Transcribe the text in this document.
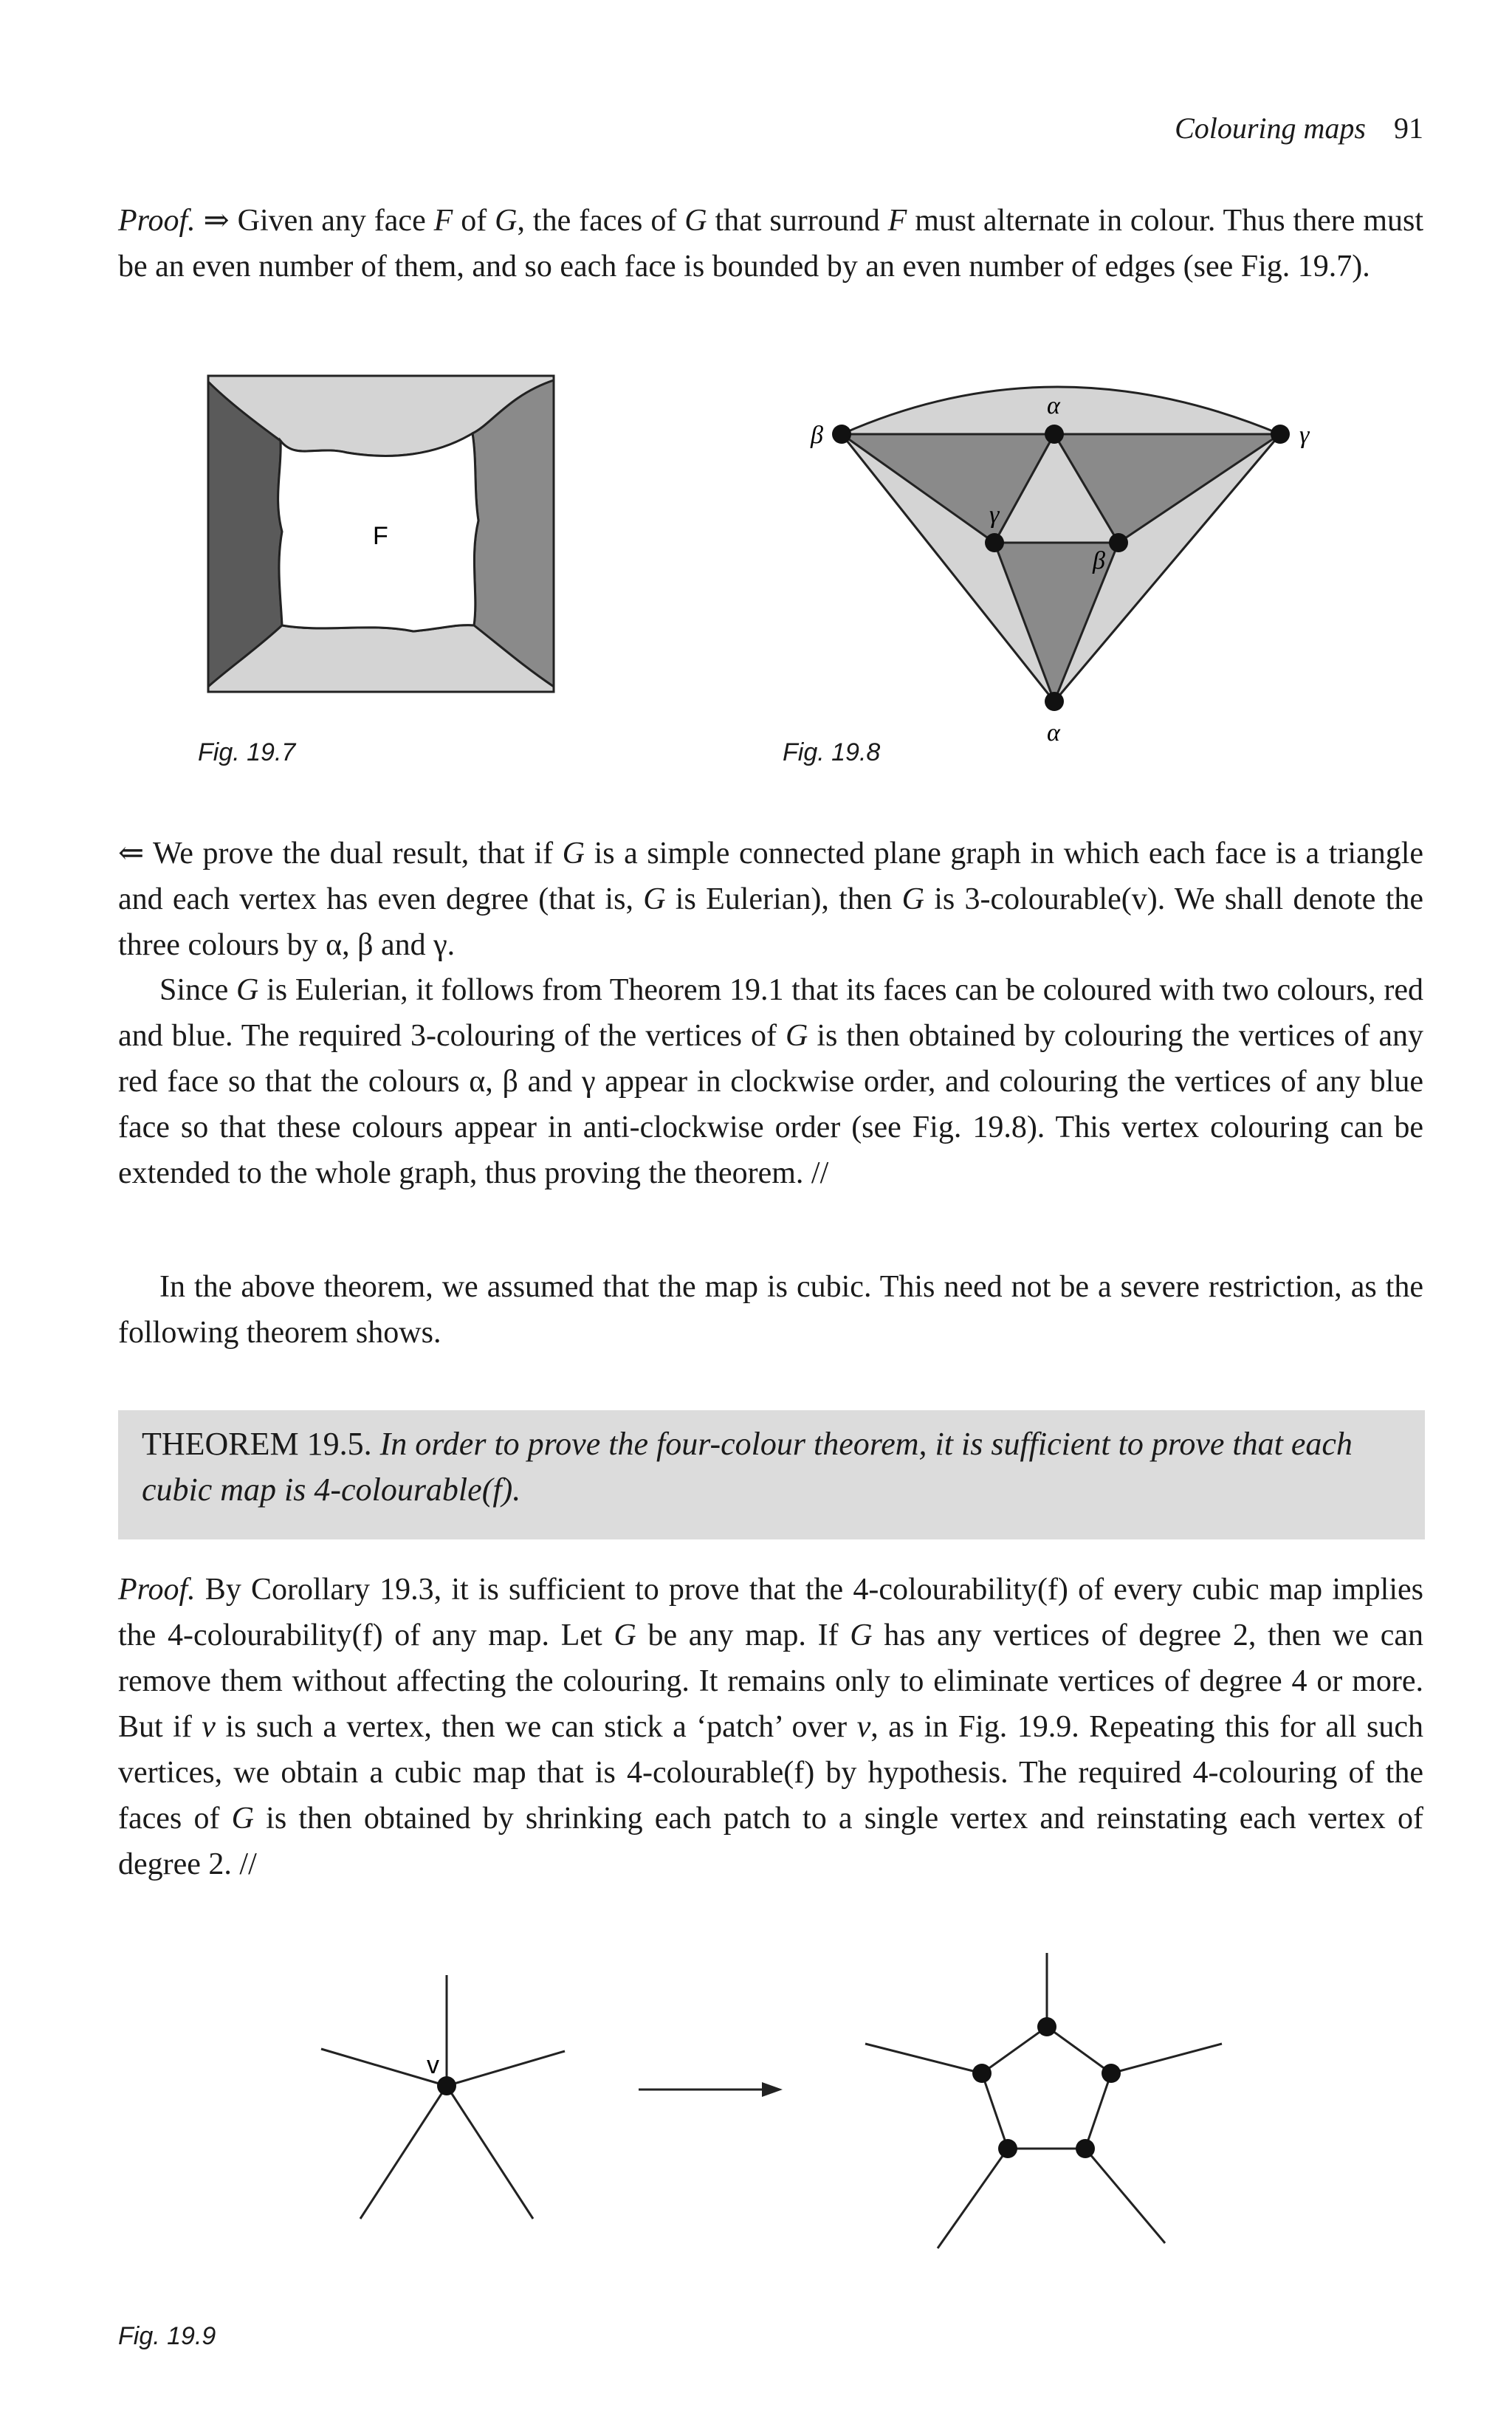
Colouring maps 91
Proof. ⇒ Given any face F of G, the faces of G that surround F must alternate in colour. Thus there must be an even number of them, and so each face is bounded by an even number of edges (see Fig. 19.7).
F
Fig. 19.7
α
β	γ
γ
β
α
Fig. 19.8
⇐ We prove the dual result, that if G is a simple connected plane graph in which each face is a triangle and each vertex has even degree (that is, G is Eulerian), then G is 3-colourable(v). We shall denote the three colours by α, β and γ.
Since G is Eulerian, it follows from Theorem 19.1 that its faces can be coloured with two colours, red and blue. The required 3-colouring of the vertices of G is then obtained by colouring the vertices of any red face so that the colours α, β and γ appear in clockwise order, and colouring the vertices of any blue face so that these colours appear in anti-clockwise order (see Fig. 19.8). This vertex colouring can be extended to the whole graph, thus proving the theorem. //
In the above theorem, we assumed that the map is cubic. This need not be a severe restriction, as the following theorem shows.
THEOREM 19.5. In order to prove the four-colour theorem, it is sufficient to prove that each cubic map is 4-colourable(f).
Proof. By Corollary 19.3, it is sufficient to prove that the 4-colourability(f) of every cubic map implies the 4-colourability(f) of any map. Let G be any map. If G has any vertices of degree 2, then we can remove them without affecting the colouring. It remains only to eliminate vertices of degree 4 or more. But if v is such a vertex, then we can stick a ‘patch’ over v, as in Fig. 19.9. Repeating this for all such vertices, we obtain a cubic map that is 4-colourable(f) by hypothesis. The required 4-colouring of the faces of G is then obtained by shrinking each patch to a single vertex and reinstating each vertex of degree 2. //
v
Fig. 19.9
